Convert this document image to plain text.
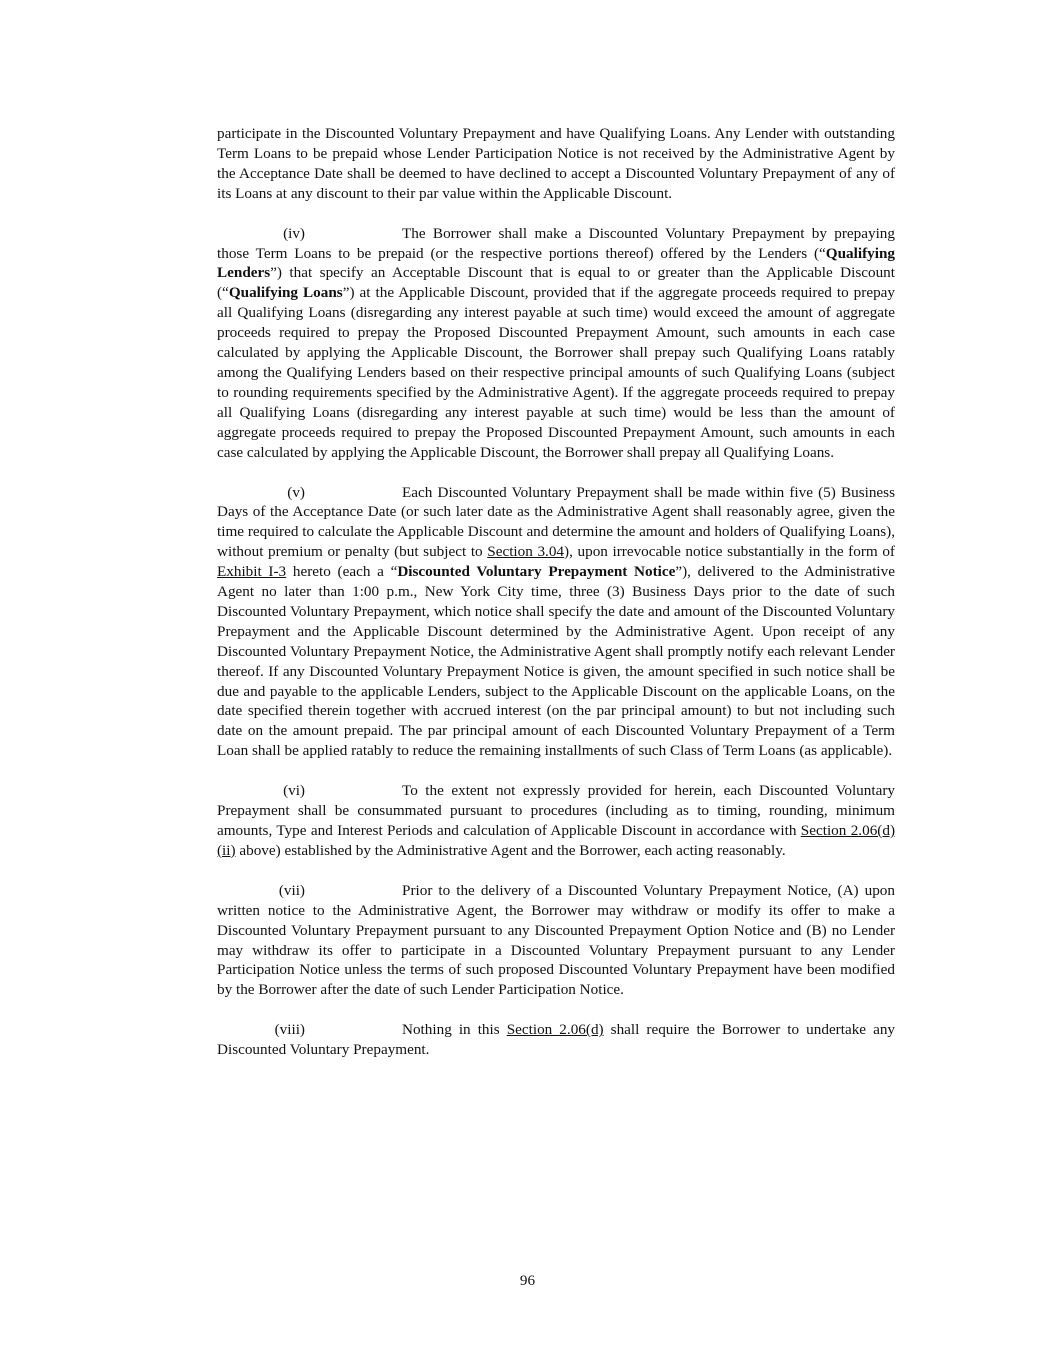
participate in the Discounted Voluntary Prepayment and have Qualifying Loans. Any Lender with outstanding Term Loans to be prepaid whose Lender Participation Notice is not received by the Administrative Agent by the Acceptance Date shall be deemed to have declined to accept a Discounted Voluntary Prepayment of any of its Loans at any discount to their par value within the Applicable Discount.

(iv)	The Borrower shall make a Discounted Voluntary Prepayment by prepaying those Term Loans to be prepaid (or the respective portions thereof) offered by the Lenders (“Qualifying Lenders”) that specify an Acceptable Discount that is equal to or greater than the Applicable Discount (“Qualifying Loans”) at the Applicable Discount, provided that if the aggregate proceeds required to prepay all Qualifying Loans (disregarding any interest payable at such time) would exceed the amount of aggregate proceeds required to prepay the Proposed Discounted Prepayment Amount, such amounts in each case calculated by applying the Applicable Discount, the Borrower shall prepay such Qualifying Loans ratably among the Qualifying Lenders based on their respective principal amounts of such Qualifying Loans (subject to rounding requirements specified by the Administrative Agent). If the aggregate proceeds required to prepay all Qualifying Loans (disregarding any interest payable at such time) would be less than the amount of aggregate proceeds required to prepay the Proposed Discounted Prepayment Amount, such amounts in each case calculated by applying the Applicable Discount, the Borrower shall prepay all Qualifying Loans.

(v)	Each Discounted Voluntary Prepayment shall be made within five (5) Business Days of the Acceptance Date (or such later date as the Administrative Agent shall reasonably agree, given the time required to calculate the Applicable Discount and determine the amount and holders of Qualifying Loans), without premium or penalty (but subject to Section 3.04), upon irrevocable notice substantially in the form of Exhibit I-3 hereto (each a “Discounted Voluntary Prepayment Notice”), delivered to the Administrative Agent no later than 1:00 p.m., New York City time, three (3) Business Days prior to the date of such Discounted Voluntary Prepayment, which notice shall specify the date and amount of the Discounted Voluntary Prepayment and the Applicable Discount determined by the Administrative Agent. Upon receipt of any Discounted Voluntary Prepayment Notice, the Administrative Agent shall promptly notify each relevant Lender thereof. If any Discounted Voluntary Prepayment Notice is given, the amount specified in such notice shall be due and payable to the applicable Lenders, subject to the Applicable Discount on the applicable Loans, on the date specified therein together with accrued interest (on the par principal amount) to but not including such date on the amount prepaid. The par principal amount of each Discounted Voluntary Prepayment of a Term Loan shall be applied ratably to reduce the remaining installments of such Class of Term Loans (as applicable).

(vi)	To the extent not expressly provided for herein, each Discounted Voluntary Prepayment shall be consummated pursuant to procedures (including as to timing, rounding, minimum amounts, Type and Interest Periods and calculation of Applicable Discount in accordance with Section 2.06(d)(ii) above) established by the Administrative Agent and the Borrower, each acting reasonably.

(vii)	Prior to the delivery of a Discounted Voluntary Prepayment Notice, (A) upon written notice to the Administrative Agent, the Borrower may withdraw or modify its offer to make a Discounted Voluntary Prepayment pursuant to any Discounted Prepayment Option Notice and (B) no Lender may withdraw its offer to participate in a Discounted Voluntary Prepayment pursuant to any Lender Participation Notice unless the terms of such proposed Discounted Voluntary Prepayment have been modified by the Borrower after the date of such Lender Participation Notice.

(viii)	Nothing in this Section 2.06(d) shall require the Borrower to undertake any Discounted Voluntary Prepayment.

96
